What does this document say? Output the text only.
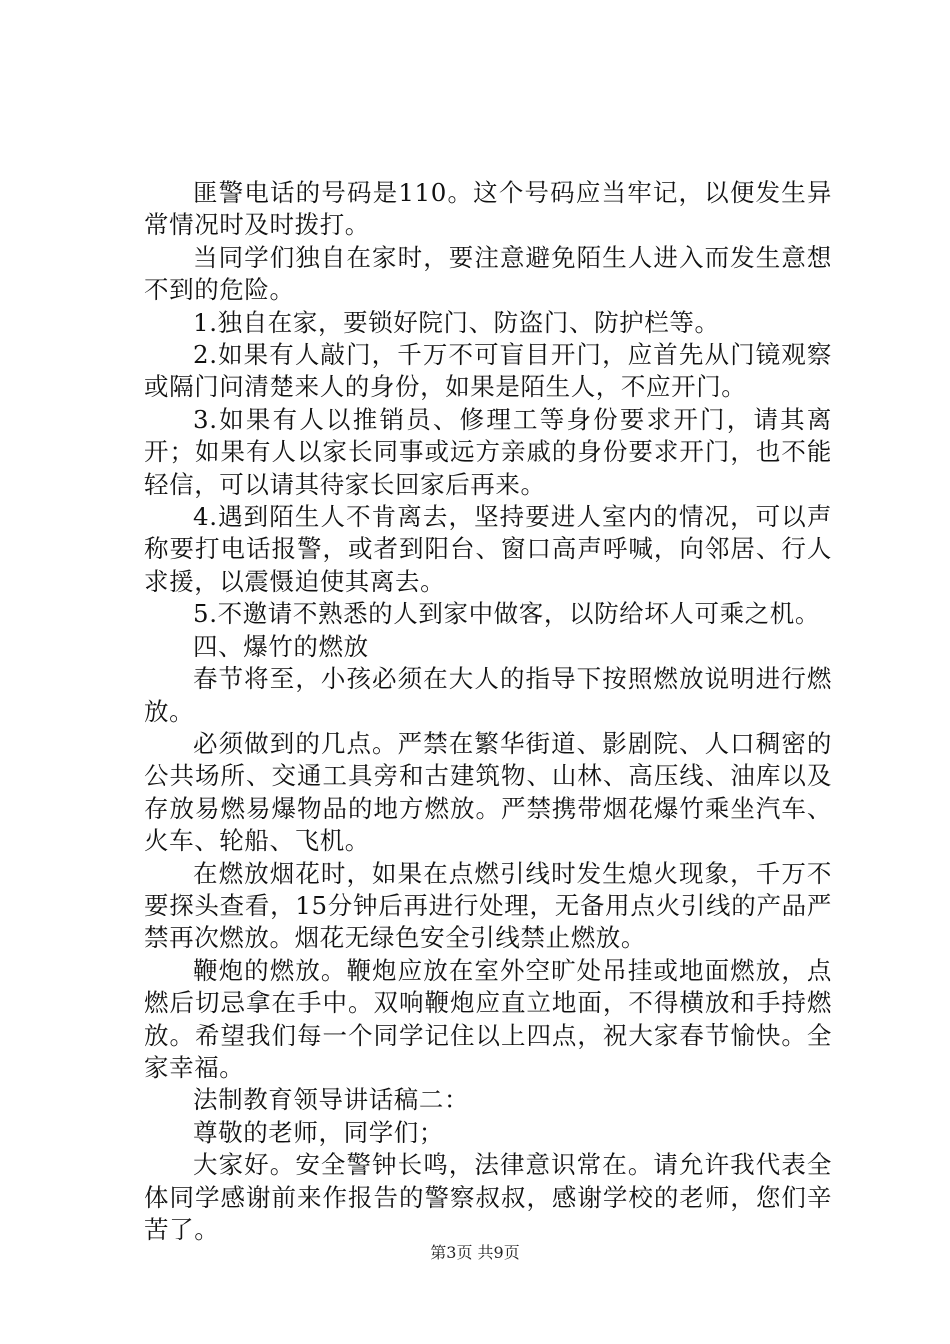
匪警电话的号码是110。这个号码应当牢记，以便发生异常情况时及时拨打。

当同学们独自在家时，要注意避免陌生人进入而发生意想不到的危险。

1.独自在家，要锁好院门、防盗门、防护栏等。

2.如果有人敲门，千万不可盲目开门，应首先从门镜观察或隔门问清楚来人的身份，如果是陌生人，不应开门。

3.如果有人以推销员、修理工等身份要求开门，请其离开；如果有人以家长同事或远方亲戚的身份要求开门，也不能轻信，可以请其待家长回家后再来。

4.遇到陌生人不肯离去，坚持要进人室内的情况，可以声称要打电话报警，或者到阳台、窗口高声呼喊，向邻居、行人求援，以震慑迫使其离去。

5.不邀请不熟悉的人到家中做客，以防给坏人可乘之机。

四、爆竹的燃放

春节将至，小孩必须在大人的指导下按照燃放说明进行燃放。

必须做到的几点。严禁在繁华街道、影剧院、人口稠密的公共场所、交通工具旁和古建筑物、山林、高压线、油库以及存放易燃易爆物品的地方燃放。严禁携带烟花爆竹乘坐汽车、火车、轮船、飞机。

在燃放烟花时，如果在点燃引线时发生熄火现象，千万不要探头查看，15分钟后再进行处理，无备用点火引线的产品严禁再次燃放。烟花无绿色安全引线禁止燃放。

鞭炮的燃放。鞭炮应放在室外空旷处吊挂或地面燃放，点燃后切忌拿在手中。双响鞭炮应直立地面，不得横放和手持燃放。希望我们每一个同学记住以上四点，祝大家春节愉快。全家幸福。

法制教育领导讲话稿二：

尊敬的老师，同学们；

大家好。安全警钟长鸣，法律意识常在。请允许我代表全体同学感谢前来作报告的警察叔叔，感谢学校的老师，您们辛苦了。

第3页 共9页
